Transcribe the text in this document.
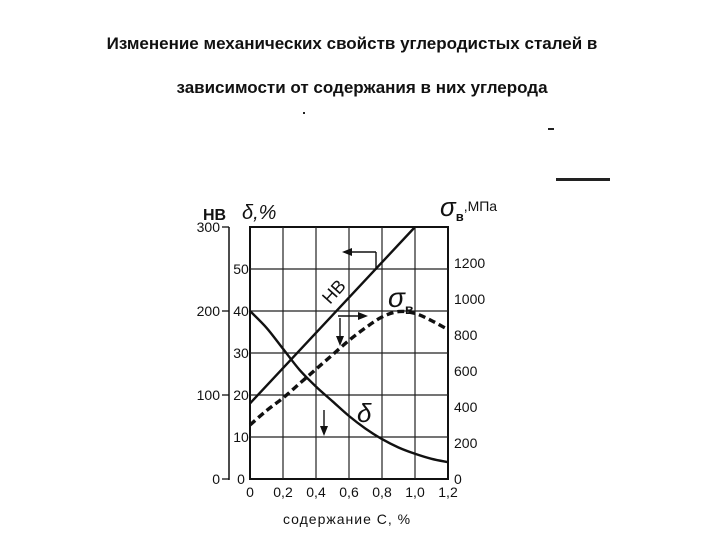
Изменение механических свойств углеродистых сталей в
зависимости от содержания в них углерода
НВ δ,%	$\sigma в^{,МПа}$
НВ $\sigma_в$
δ
содержание С, %
0 0,2 0,4 0,6 0,8 1,0 1,2
0
100
200
300
0
10
20
30
40
50
0
200
400
600
800
1000
1200
